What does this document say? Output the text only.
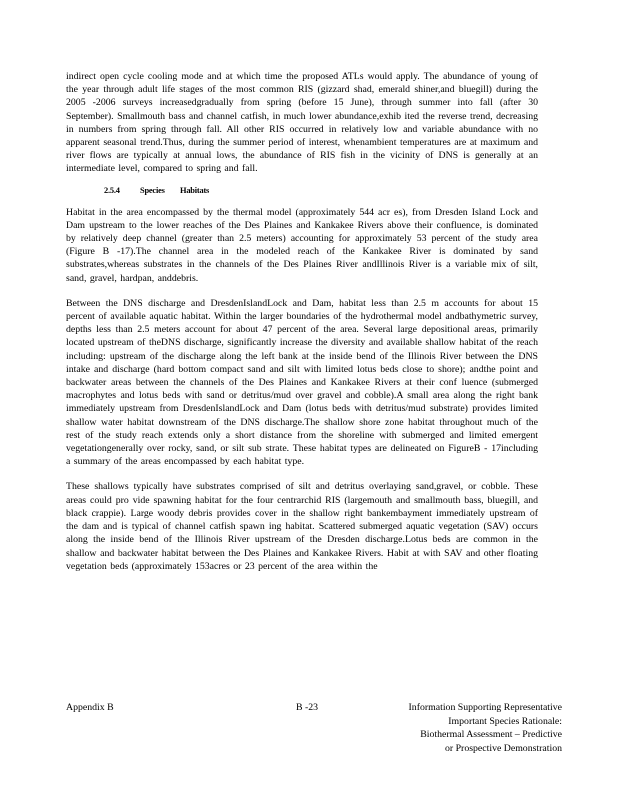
indirect open cycle cooling mode and at which time the proposed ATLs would apply. The abundance of young of the year through adult life stages of the most common RIS (gizzard shad, emerald shiner,and bluegill) during the 2005 -2006 surveys increasedgradually from spring (before 15 June), through summer into fall (after 30 September). Smallmouth bass and channel catfish, in much lower abundance,exhib ited the reverse trend, decreasing in numbers from spring through fall. All other RIS occurred in relatively low and variable abundance with no apparent seasonal trend.Thus, during the summer period of interest, whenambient temperatures are at maximum and river flows are typically at annual lows, the abundance of RIS fish in the vicinity of DNS is generally at an intermediate level, compared to spring and fall.

2.5.4 Species Habitats

Habitat in the area encompassed by the thermal model (approximately 544 acr es), from Dresden Island Lock and Dam upstream to the lower reaches of the Des Plaines and Kankakee Rivers above their confluence, is dominated by relatively deep channel (greater than 2.5 meters) accounting for approximately 53 percent of the study area (Figure B -17).The channel area in the modeled reach of the Kankakee River is dominated by sand substrates,whereas substrates in the channels of the Des Plaines River andIllinois River is a variable mix of silt, sand, gravel, hardpan, anddebris.

Between the DNS discharge and DresdenIslandLock and Dam, habitat less than 2.5 m accounts for about 15 percent of available aquatic habitat. Within the larger boundaries of the hydrothermal model andbathymetric survey, depths less than 2.5 meters account for about 47 percent of the area. Several large depositional areas, primarily located upstream of theDNS discharge, significantly increase the diversity and available shallow habitat of the reach including: upstream of the discharge along the left bank at the inside bend of the Illinois River between the DNS intake and discharge (hard bottom compact sand and silt with limited lotus beds close to shore); andthe point and backwater areas between the channels of the Des Plaines and Kankakee Rivers at their conf luence (submerged macrophytes and lotus beds with sand or detritus/mud over gravel and cobble).A small area along the right bank immediately upstream from DresdenIslandLock and Dam (lotus beds with detritus/mud substrate) provides limited shallow water habitat downstream of the DNS discharge.The shallow shore zone habitat throughout much of the rest of the study reach extends only a short distance from the shoreline with submerged and limited emergent vegetationgenerally over rocky, sand, or silt sub strate. These habitat types are delineated on FigureB - 17including a summary of the areas encompassed by each habitat type.

These shallows typically have substrates comprised of silt and detritus overlaying sand,gravel, or cobble. These areas could pro vide spawning habitat for the four centrarchid RIS (largemouth and smallmouth bass, bluegill, and black crappie). Large woody debris provides cover in the shallow right bankembayment immediately upstream of the dam and is typical of channel catfish spawn ing habitat. Scattered submerged aquatic vegetation (SAV) occurs along the inside bend of the Illinois River upstream of the Dresden discharge.Lotus beds are common in the shallow and backwater habitat between the Des Plaines and Kankakee Rivers. Habit at with SAV and other floating vegetation beds (approximately 153acres or 23 percent of the area within the

Appendix B	B -23	Information Supporting Representative
Important Species Rationale:
Biothermal Assessment – Predictive
or Prospective Demonstration
